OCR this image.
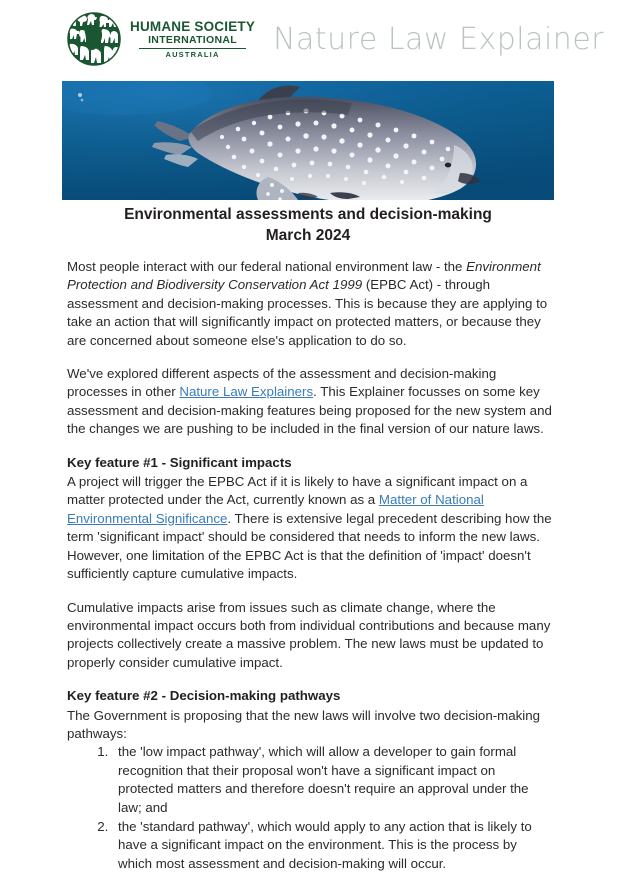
HUMANE SOCIETY
INTERNATIONAL
AUSTRALIA	Nature Law Explainer
Environmental assessments and decision-making
March 2024

Most people interact with our federal national environment law - the Environment Protection and Biodiversity Conservation Act 1999 (EPBC Act) - through assessment and decision-making processes. This is because they are applying to take an action that will significantly impact on protected matters, or because they are concerned about someone else's application to do so.

We've explored different aspects of the assessment and decision-making processes in other Nature Law Explainers. This Explainer focusses on some key assessment and decision-making features being proposed for the new system and the changes we are pushing to be included in the final version of our nature laws.

Key feature #1 - Significant impacts

A project will trigger the EPBC Act if it is likely to have a significant impact on a matter protected under the Act, currently known as a Matter of National Environmental Significance. There is extensive legal precedent describing how the term 'significant impact' should be considered that needs to inform the new laws. However, one limitation of the EPBC Act is that the definition of 'impact' doesn't sufficiently capture cumulative impacts.

Cumulative impacts arise from issues such as climate change, where the environmental impact occurs both from individual contributions and because many projects collectively create a massive problem. The new laws must be updated to properly consider cumulative impact.

Key feature #2 - Decision-making pathways

The Government is proposing that the new laws will involve two decision-making pathways:

1. the 'low impact pathway', which will allow a developer to gain formal recognition that their proposal won't have a significant impact on protected matters and therefore doesn't require an approval under the law; and
2. the 'standard pathway', which would apply to any action that is likely to have a significant impact on the environment. This is the process by which most assessment and decision-making will occur.
